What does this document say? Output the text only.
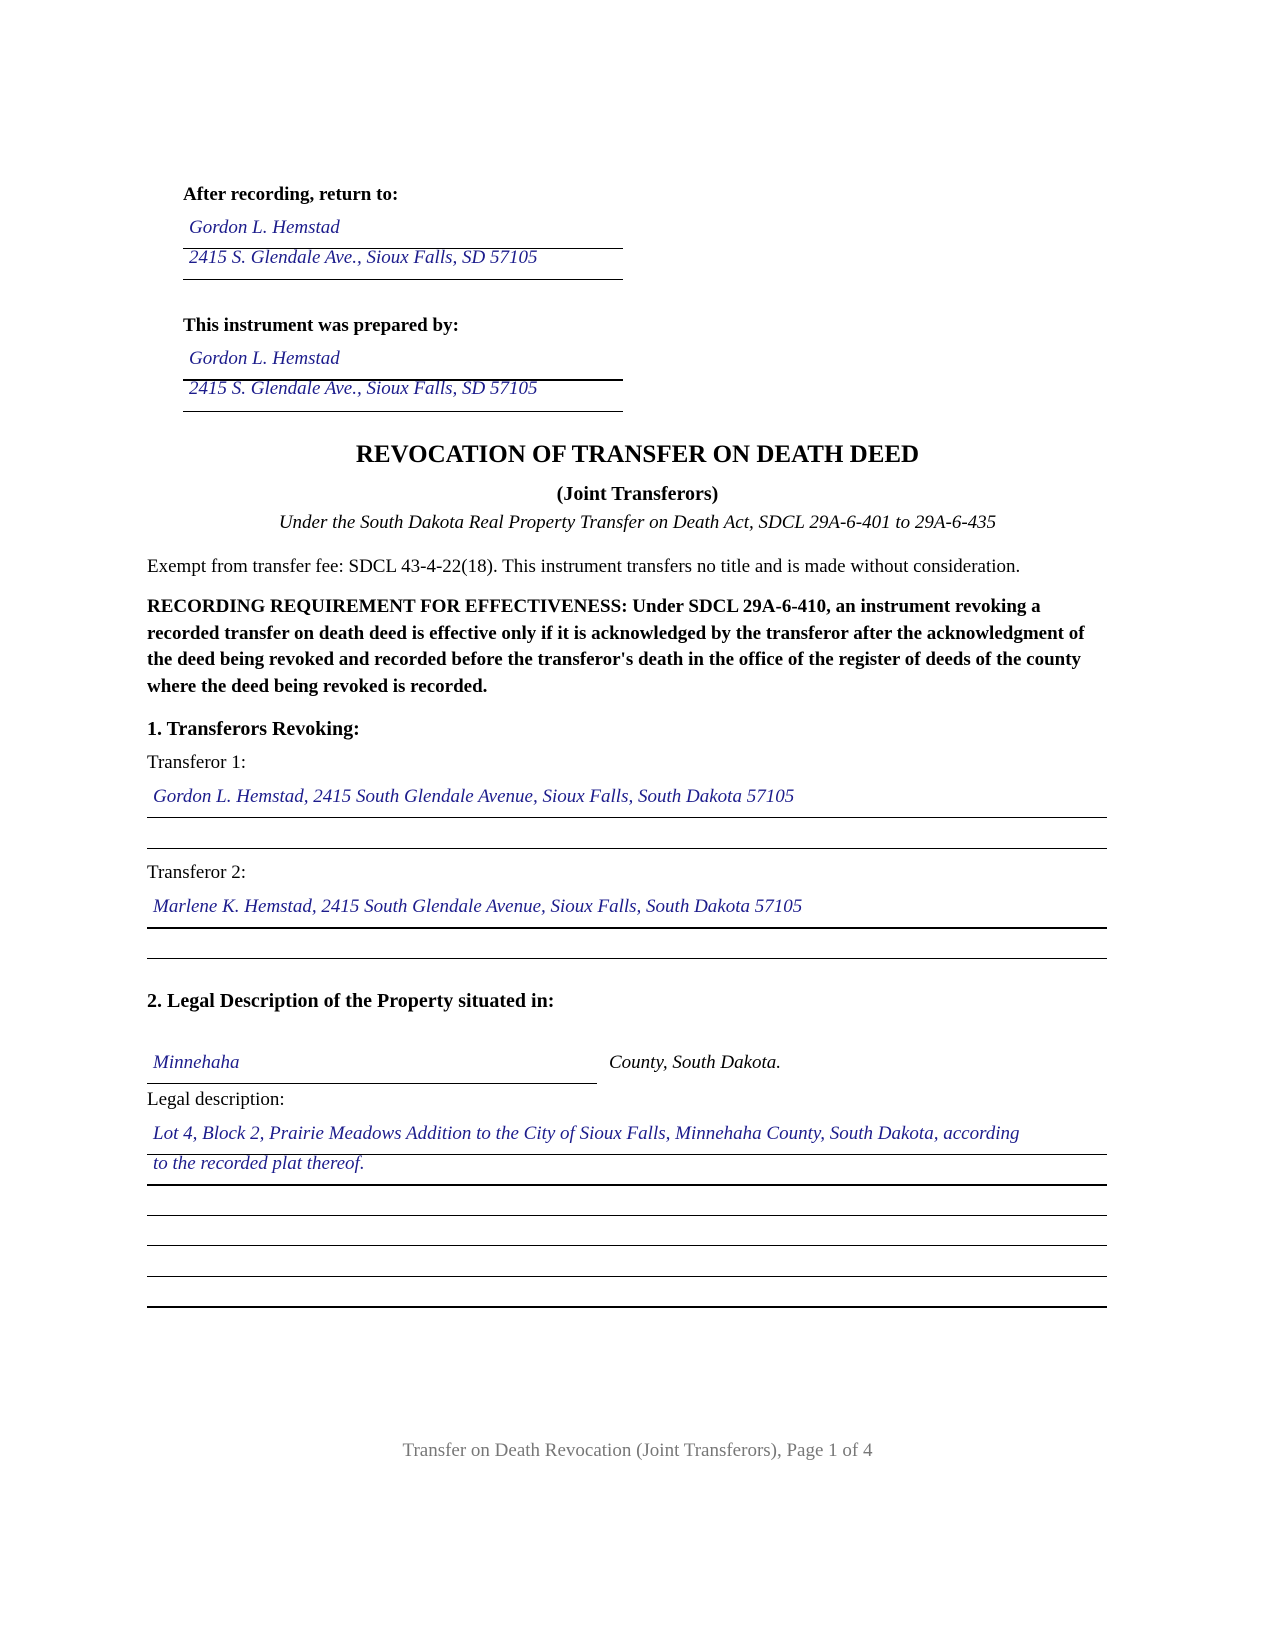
After recording, return to:
Gordon L. Hemstad
2415 S. Glendale Ave., Sioux Falls, SD 57105
This instrument was prepared by:
Gordon L. Hemstad
2415 S. Glendale Ave., Sioux Falls, SD 57105
REVOCATION OF TRANSFER ON DEATH DEED
(Joint Transferors)
Under the South Dakota Real Property Transfer on Death Act, SDCL 29A-6-401 to 29A-6-435
Exempt from transfer fee: SDCL 43-4-22(18). This instrument transfers no title and is made without consideration.
RECORDING REQUIREMENT FOR EFFECTIVENESS: Under SDCL 29A-6-410, an instrument revoking a recorded transfer on death deed is effective only if it is acknowledged by the transferor after the acknowledgment of the deed being revoked and recorded before the transferor's death in the office of the register of deeds of the county where the deed being revoked is recorded.
1. Transferors Revoking:
Transferor 1:
Gordon L. Hemstad, 2415 South Glendale Avenue, Sioux Falls, South Dakota 57105
Transferor 2:
Marlene K. Hemstad, 2415 South Glendale Avenue, Sioux Falls, South Dakota 57105
2. Legal Description of the Property situated in:
Minnehaha	County, South Dakota.
Legal description:
Lot 4, Block 2, Prairie Meadows Addition to the City of Sioux Falls, Minnehaha County, South Dakota, according
to the recorded plat thereof.
Transfer on Death Revocation (Joint Transferors), Page 1 of 4
